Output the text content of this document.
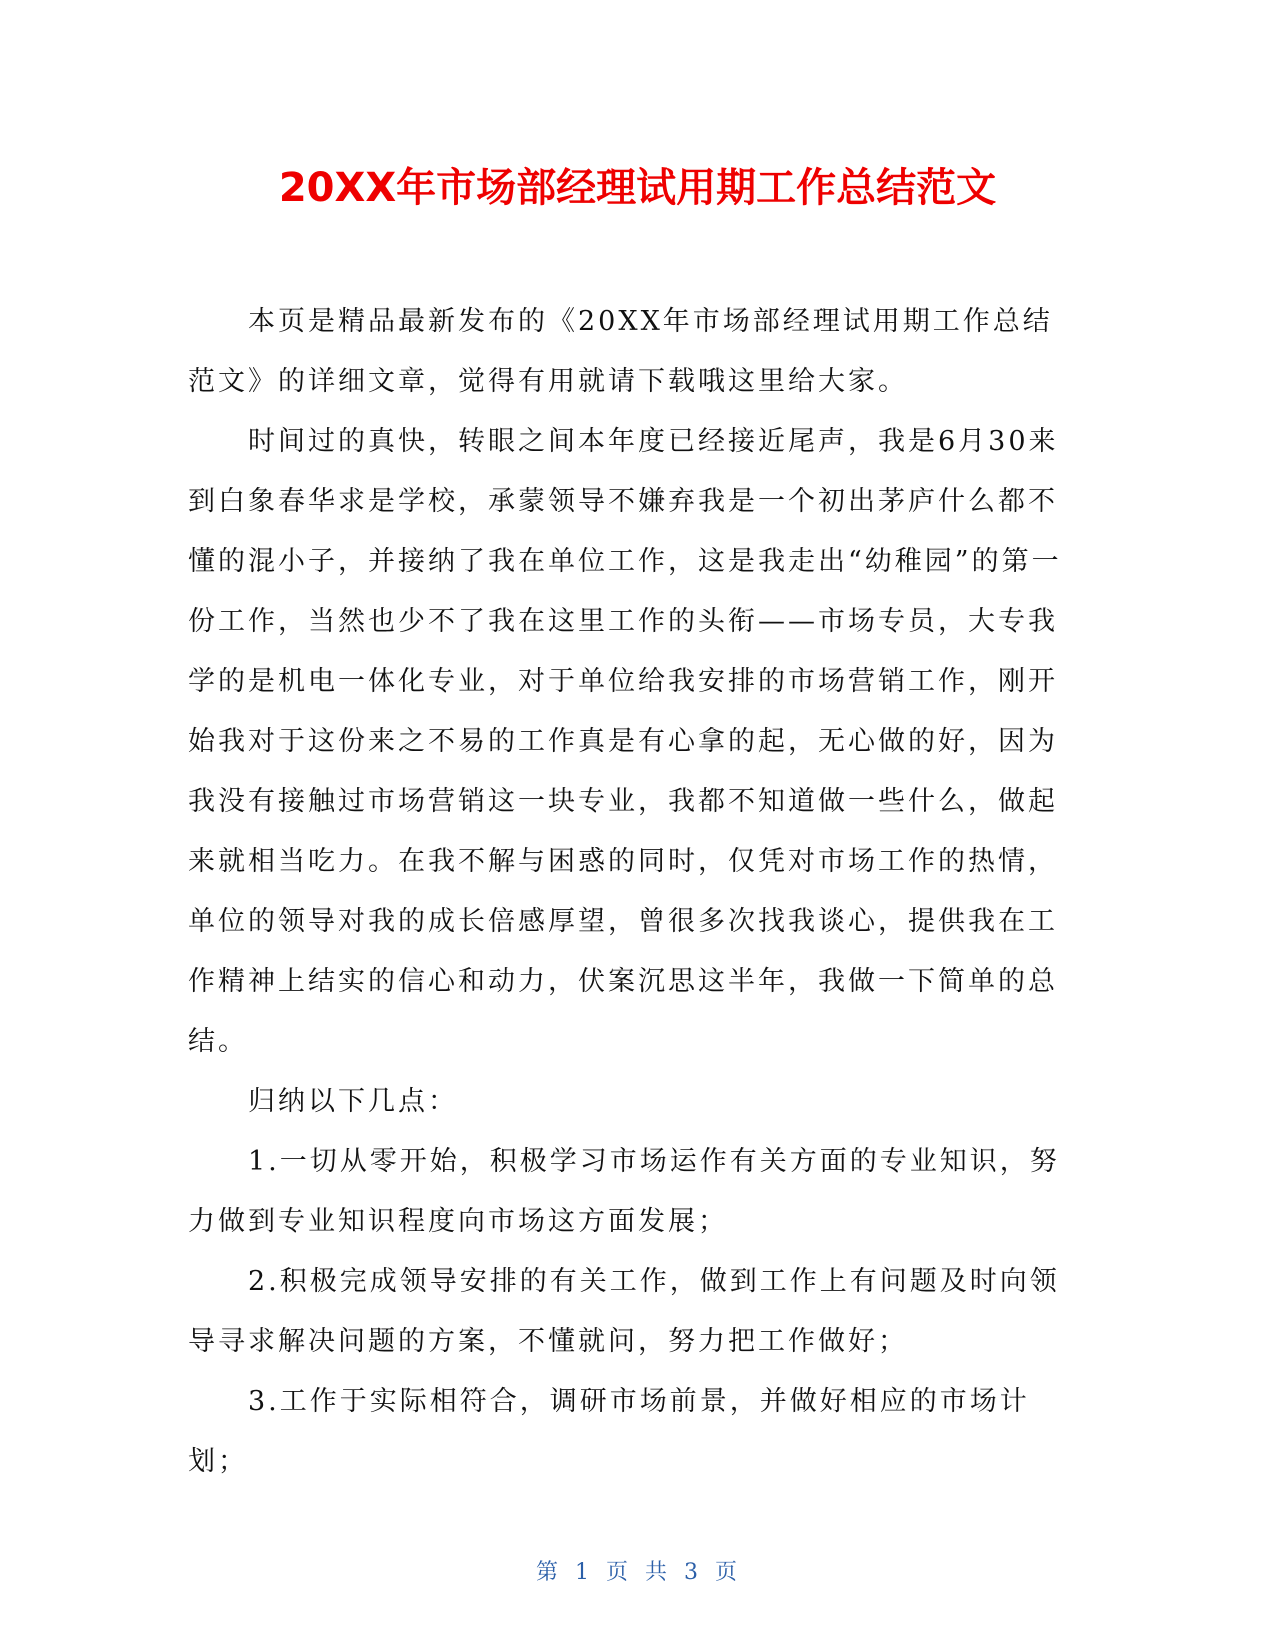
20XX年市场部经理试用期工作总结范文

本页是精品最新发布的《20XX年市场部经理试用期工作总结范文》的详细文章，觉得有用就请下载哦这里给大家。

时间过的真快，转眼之间本年度已经接近尾声，我是6月30来到白象春华求是学校，承蒙领导不嫌弃我是一个初出茅庐什么都不懂的混小子，并接纳了我在单位工作，这是我走出“幼稚园”的第一份工作，当然也少不了我在这里工作的头衔——市场专员，大专我学的是机电一体化专业，对于单位给我安排的市场营销工作，刚开始我对于这份来之不易的工作真是有心拿的起，无心做的好，因为我没有接触过市场营销这一块专业，我都不知道做一些什么，做起来就相当吃力。在我不解与困惑的同时，仅凭对市场工作的热情，单位的领导对我的成长倍感厚望，曾很多次找我谈心，提供我在工作精神上结实的信心和动力，伏案沉思这半年，我做一下简单的总结。

归纳以下几点：

1.一切从零开始，积极学习市场运作有关方面的专业知识，努力做到专业知识程度向市场这方面发展；

2.积极完成领导安排的有关工作，做到工作上有问题及时向领导寻求解决问题的方案，不懂就问，努力把工作做好；

3.工作于实际相符合，调研市场前景，并做好相应的市场计划；

第 1 页 共 3 页
